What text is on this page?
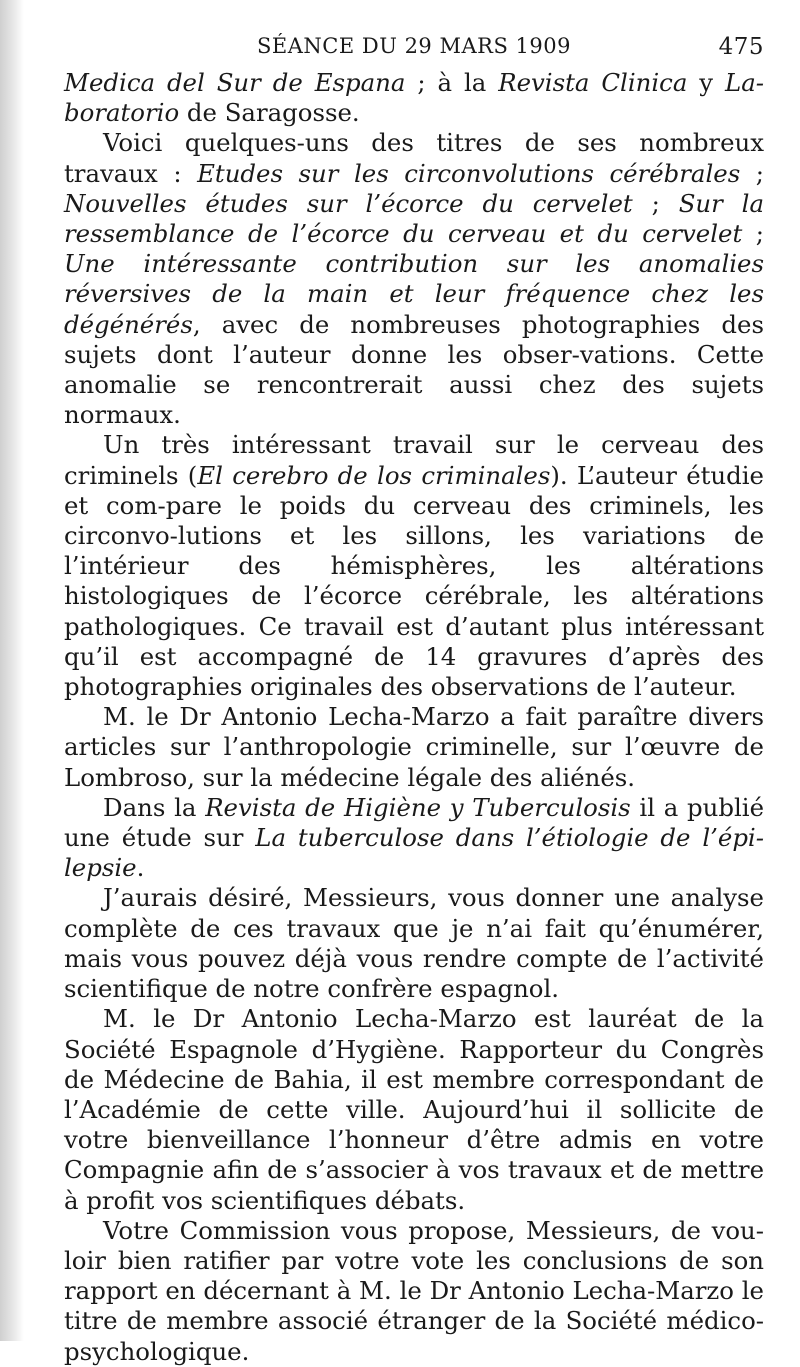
SÉANCE DU 29 MARS 1909	475

Medica del Sur de Espana ; à la Revista Clinica y La-boratorio de Saragosse.

Voici quelques-uns des titres de ses nombreux travaux : Etudes sur les circonvolutions cérébrales ; Nouvelles études sur l’écorce du cervelet ; Sur la ressemblance de l’écorce du cerveau et du cervelet ; Une intéressante contribution sur les anomalies réversives de la main et leur fréquence chez les dégénérés, avec de nombreuses photographies des sujets dont l’auteur donne les obser-vations. Cette anomalie se rencontrerait aussi chez des sujets normaux.

Un très intéressant travail sur le cerveau des criminels (El cerebro de los criminales). L’auteur étudie et com-pare le poids du cerveau des criminels, les circonvo-lutions et les sillons, les variations de l’intérieur des hémisphères, les altérations histologiques de l’écorce cérébrale, les altérations pathologiques. Ce travail est d’autant plus intéressant qu’il est accompagné de 14 gravures d’après des photographies originales des observations de l’auteur.

M. le Dr Antonio Lecha-Marzo a fait paraître divers articles sur l’anthropologie criminelle, sur l’œuvre de Lombroso, sur la médecine légale des aliénés.

Dans la Revista de Higiène y Tuberculosis il a publié une étude sur La tuberculose dans l’étiologie de l’épi-lepsie.

J’aurais désiré, Messieurs, vous donner une analyse complète de ces travaux que je n’ai fait qu’énumérer, mais vous pouvez déjà vous rendre compte de l’activité scientifique de notre confrère espagnol.

M. le Dr Antonio Lecha-Marzo est lauréat de la Société Espagnole d’Hygiène. Rapporteur du Congrès de Médecine de Bahia, il est membre correspondant de l’Académie de cette ville. Aujourd’hui il sollicite de votre bienveillance l’honneur d’être admis en votre Compagnie afin de s’associer à vos travaux et de mettre à profit vos scientifiques débats.

Votre Commission vous propose, Messieurs, de vou-loir bien ratifier par votre vote les conclusions de son rapport en décernant à M. le Dr Antonio Lecha-Marzo le titre de membre associé étranger de la Société médico-psychologique.
